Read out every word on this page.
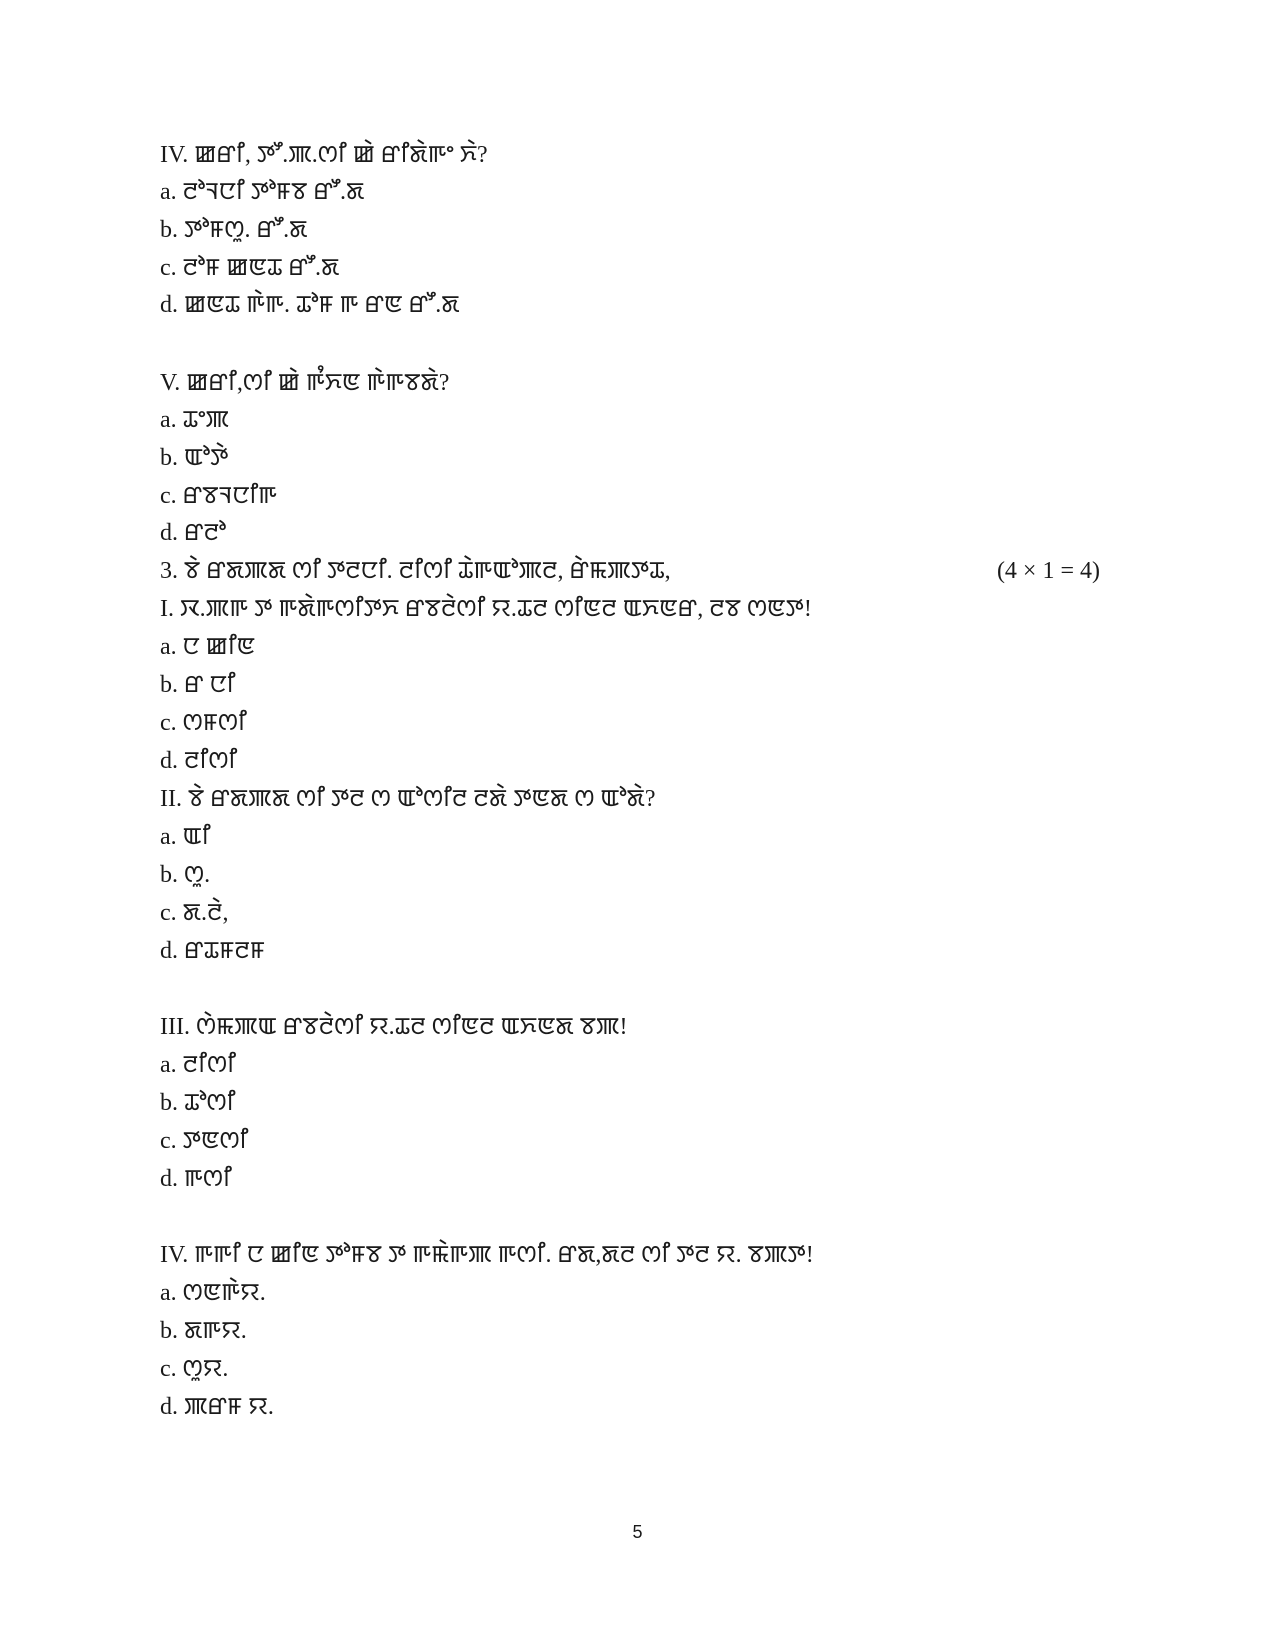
IV. ꯀꯔꯤ, ꯇꯧ.ꯄ.ꯁꯤ ꯀꯥ ꯔꯤꯗꯥꯒꯦ ꯈꯥ?
a. ꯂꯣꯜꯅꯤ ꯇꯣꯝꯕ ꯔꯧ.ꯗ
b. ꯇꯣꯝꯁꯨ. ꯔꯧ.ꯗ
c. ꯂꯣꯝ ꯀꯟꯊ ꯔꯧ.ꯗ
d. ꯀꯟꯊ ꯒꯥꯒ. ꯊꯣꯝ ꯒ ꯔꯟ ꯔꯧ.ꯗ
V. ꯀꯔꯤ,ꯁꯤ ꯀꯥ ꯒꯪꯈꯟ ꯒꯥꯒꯕꯗꯥ?
a. ꯊꯦꯄ
b. ꯑꯣꯇꯥ
c. ꯔꯕꯜꯅꯤꯒ
d. ꯔꯂꯣ
3. ꯕꯥ ꯔꯗꯄꯗ ꯁꯤ ꯇꯂꯅꯤ. ꯂꯤꯁꯤ ꯊꯥꯒꯑꯣꯄꯂ, ꯔꯥꯃꯄꯇꯊ,	(4 × 1 = 4)
I. ꯋ.ꯄꯒ ꯇ ꯒꯗꯥꯒꯁꯤꯇꯈ ꯔꯕꯂꯥꯁꯤ ꯌ.ꯊꯂ ꯁꯤꯟꯂ ꯑꯈꯟꯔ, ꯂꯕ ꯁꯟꯇ!
a. ꯅ ꯀꯤꯟ
b. ꯔ ꯅꯤ
c. ꯁꯝꯁꯤ
d. ꯂꯤꯁꯤ
II. ꯕꯥ ꯔꯗꯄꯗ ꯁꯤ ꯇꯂ ꯁ ꯑꯣꯁꯤꯂ ꯂꯗꯥ ꯇꯟꯗ ꯁ ꯑꯣꯗꯥ?
a. ꯑꯤ
b. ꯁꯨ.
c. ꯗ.ꯂꯥ,
d. ꯔꯊꯝꯂꯝ
III. ꯁꯥꯃꯄꯑ ꯔꯕꯂꯥꯁꯤ ꯌ.ꯊꯂ ꯁꯤꯟꯂ ꯑꯈꯟꯗ ꯕꯄ!
a. ꯂꯤꯁꯤ
b. ꯊꯣꯁꯤ
c. ꯇꯟꯁꯤ
d. ꯒꯁꯤ
IV. ꯒꯒꯤ ꯅ ꯀꯤꯟ ꯇꯣꯝꯕ ꯇ ꯒꯃꯥꯒꯄ ꯒꯁꯤ. ꯔꯗ,ꯗꯂ ꯁꯤ ꯇꯂ ꯌ. ꯕꯄꯇ!
a. ꯁꯟꯒꯥꯌ.
b. ꯗꯒꯌ.
c. ꯁꯨꯌ.
d. ꯄꯔꯝ ꯌ.
5
